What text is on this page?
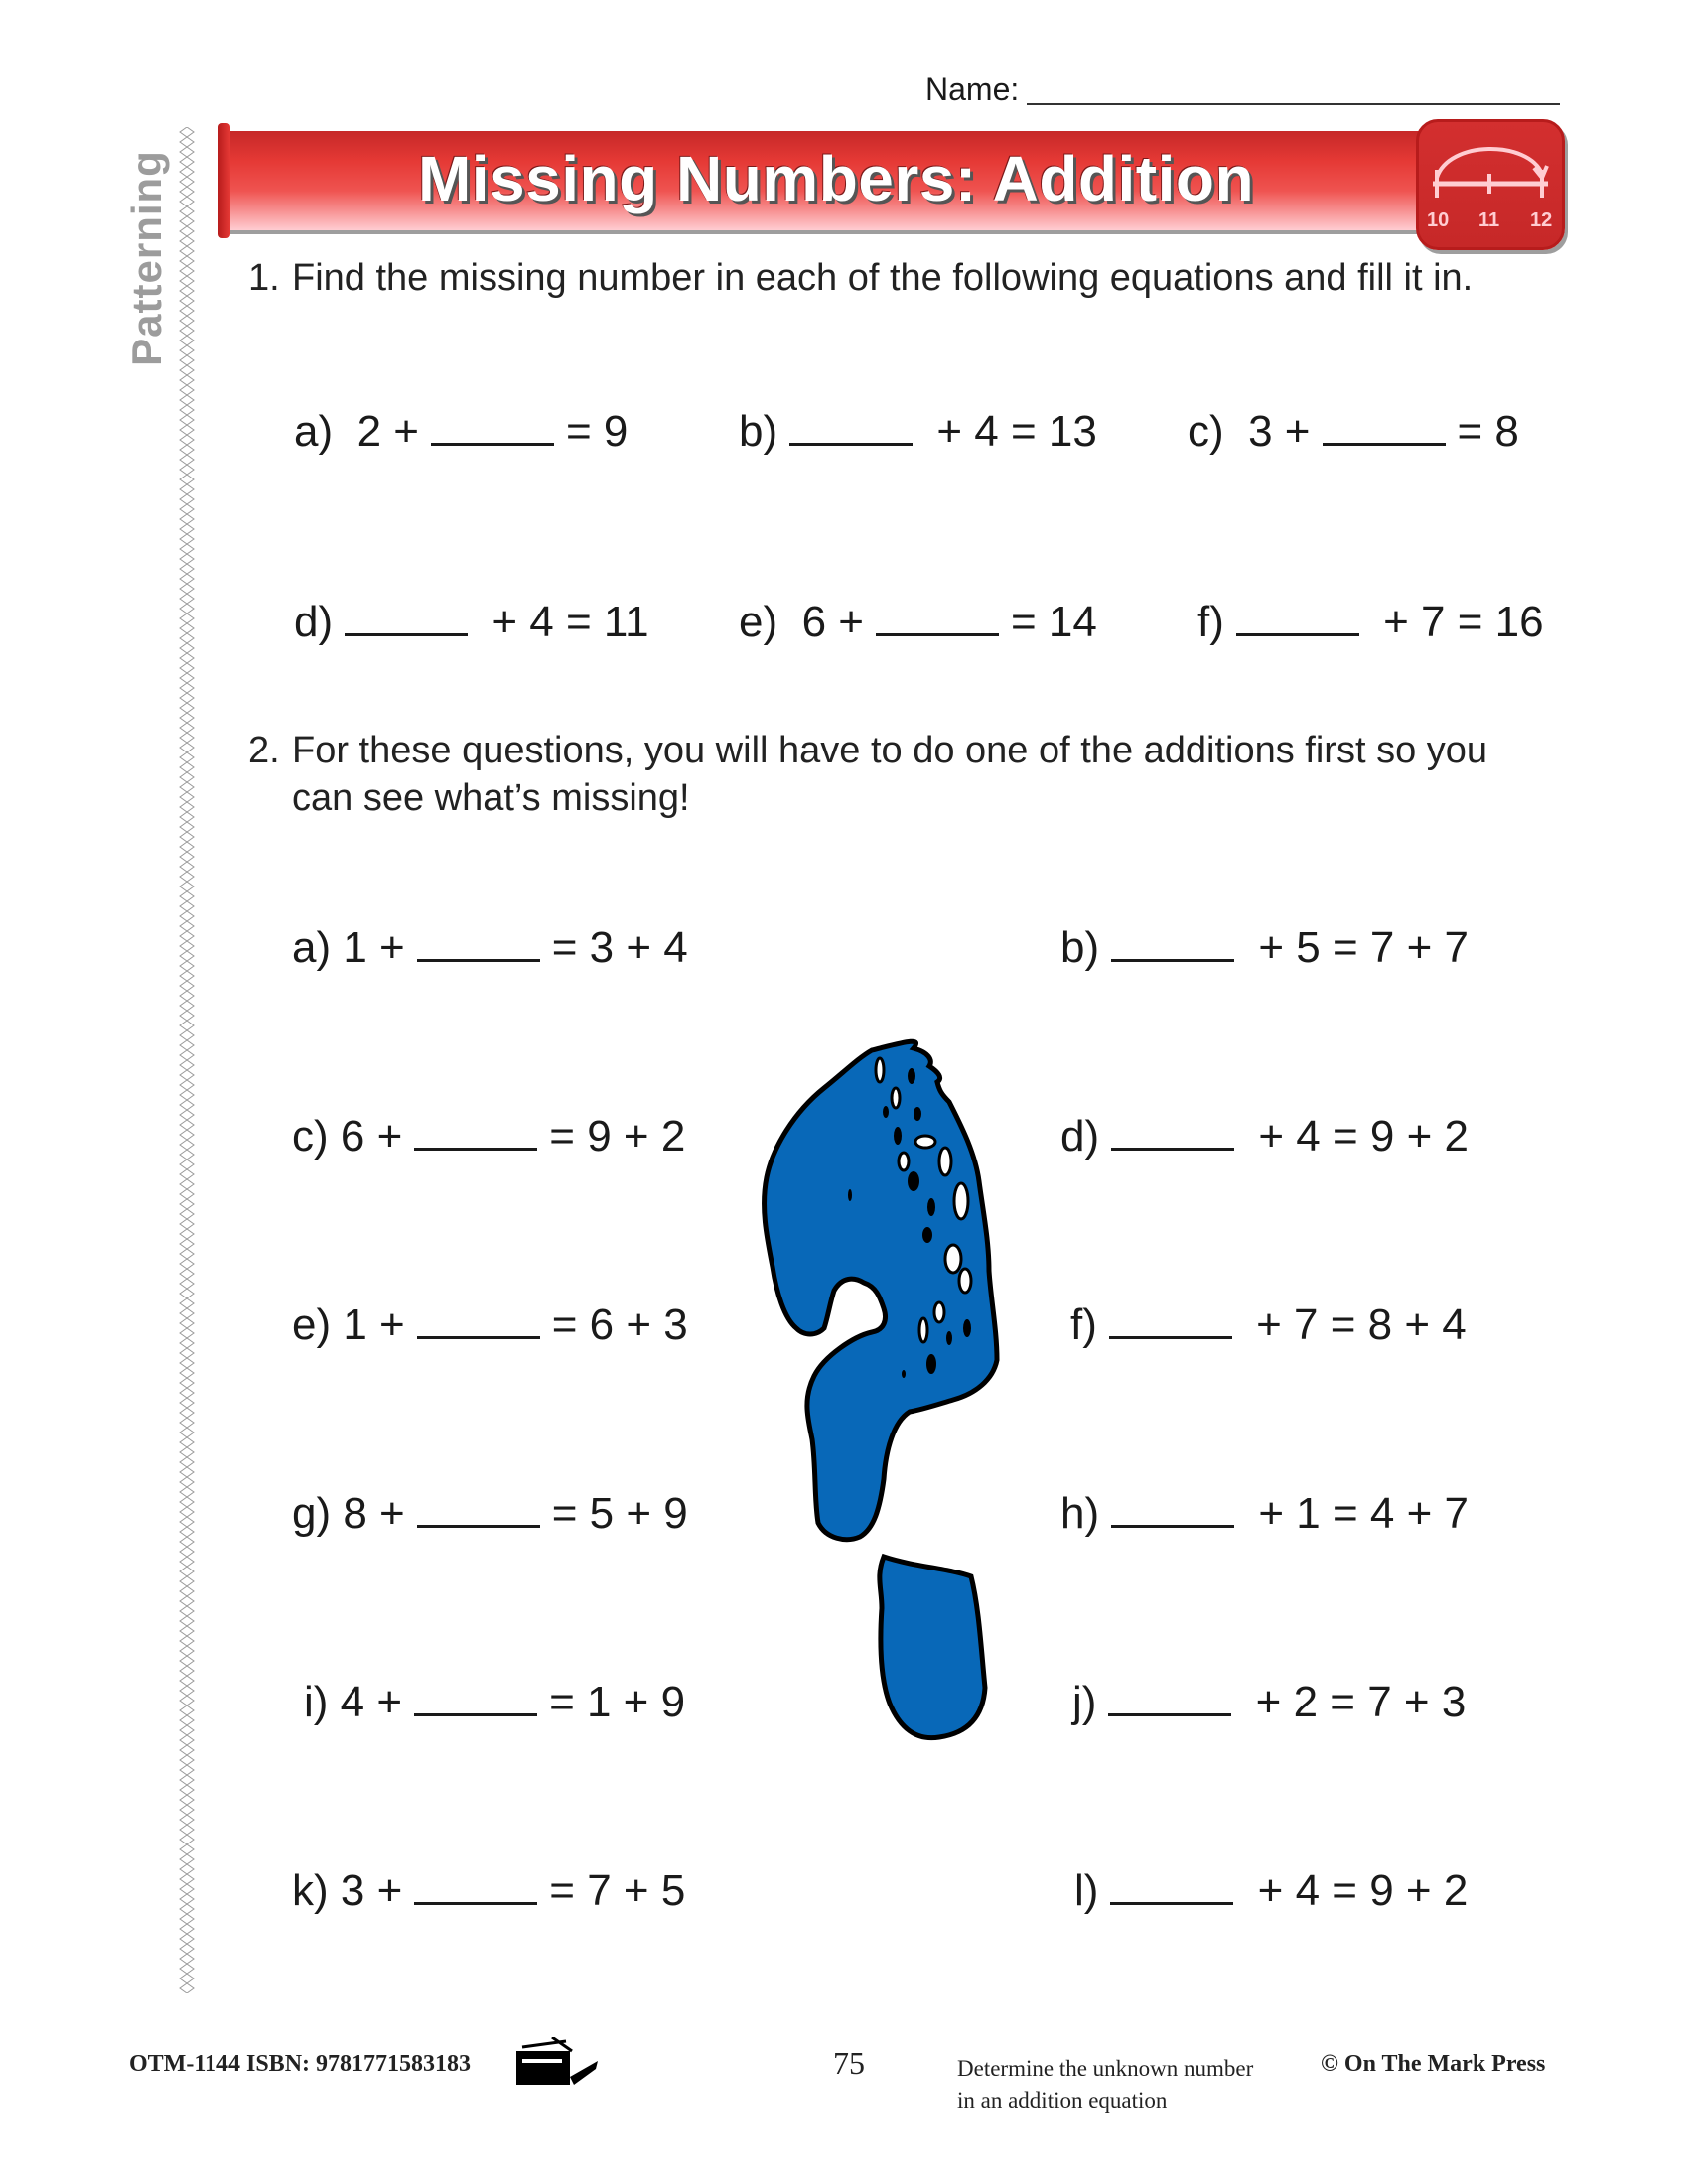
Patterning
Name:
Missing Numbers: Addition
10 11 12
1. Find the missing number in each of the following equations and fill it in.
a) 2 +	= 9	b)	+ 4 = 13 c) 3 +	= 8
d)	+ 4 = 11 e) 6 +	= 14 f)	+ 7 = 16
2. For these questions, you will have to do one of the additions first so you
can see what’s missing!
a) 1 +	= 3 + 4
c) 6 +	= 9 + 2
e) 1 +	= 6 + 3
g) 8 +	= 5 + 9
i) 4 +	= 1 + 9
k) 3 +	= 7 + 5
b)	+ 5 = 7 + 7
d)	+ 4 = 9 + 2
f)	+ 7 = 8 + 4
h)	+ 1 = 4 + 7
j)	+ 2 = 7 + 3
l)	+ 4 = 9 + 2
OTM-1144 ISBN: 9781771583183	75	Determine the unknown number
in an addition equation
© On The Mark Press
